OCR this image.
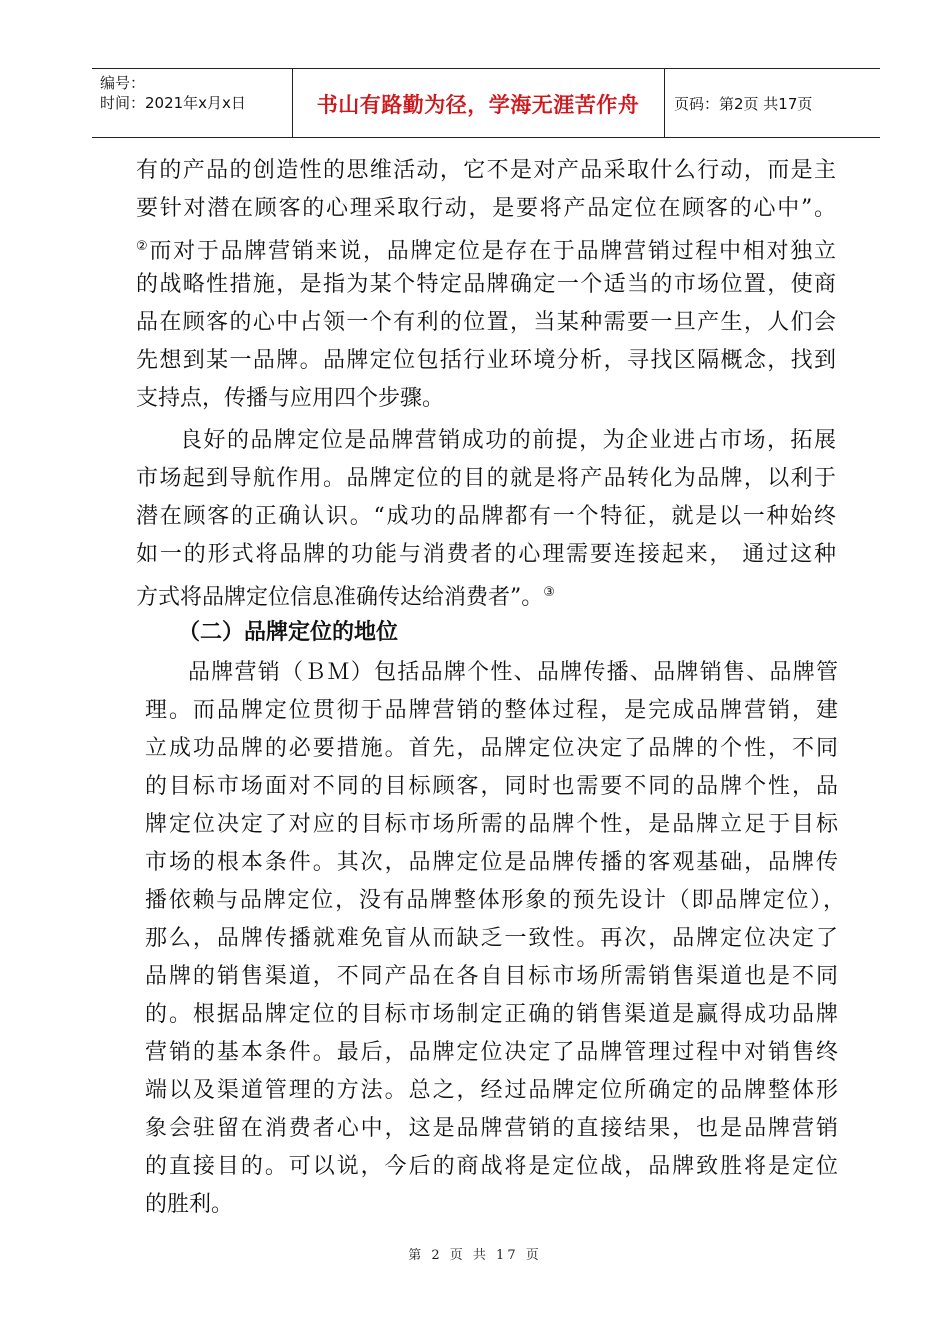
编号：
时间：2021年x月x日	书山有路勤为径，学海无涯苦作舟	页码：第2页 共17页
有的产品的创造性的思维活动，它不是对产品采取什么行动，而是主
要针对潜在顾客的心理采取行动，是要将产品定位在顾客的心中”。
②而对于品牌营销来说，品牌定位是存在于品牌营销过程中相对独立
的战略性措施，是指为某个特定品牌确定一个适当的市场位置，使商
品在顾客的心中占领一个有利的位置，当某种需要一旦产生，人们会
先想到某一品牌。品牌定位包括行业环境分析，寻找区隔概念，找到
支持点，传播与应用四个步骤。
良好的品牌定位是品牌营销成功的前提，为企业进占市场，拓展
市场起到导航作用。品牌定位的目的就是将产品转化为品牌，以利于
潜在顾客的正确认识。“成功的品牌都有一个特征，就是以一种始终
如一的形式将品牌的功能与消费者的心理需要连接起来， 通过这种
方式将品牌定位信息准确传达给消费者”。③
（二）品牌定位的地位
品牌营销（ＢＭ）包括品牌个性、品牌传播、品牌销售、品牌管
理。而品牌定位贯彻于品牌营销的整体过程，是完成品牌营销，建
立成功品牌的必要措施。首先，品牌定位决定了品牌的个性，不同
的目标市场面对不同的目标顾客，同时也需要不同的品牌个性，品
牌定位决定了对应的目标市场所需的品牌个性，是品牌立足于目标
市场的根本条件。其次，品牌定位是品牌传播的客观基础，品牌传
播依赖与品牌定位，没有品牌整体形象的预先设计（即品牌定位），
那么，品牌传播就难免盲从而缺乏一致性。再次，品牌定位决定了
品牌的销售渠道，不同产品在各自目标市场所需销售渠道也是不同
的。根据品牌定位的目标市场制定正确的销售渠道是赢得成功品牌
营销的基本条件。最后，品牌定位决定了品牌管理过程中对销售终
端以及渠道管理的方法。总之，经过品牌定位所确定的品牌整体形
象会驻留在消费者心中，这是品牌营销的直接结果，也是品牌营销
的直接目的。可以说，今后的商战将是定位战，品牌致胜将是定位
的胜利。
第 2 页 共 17 页
